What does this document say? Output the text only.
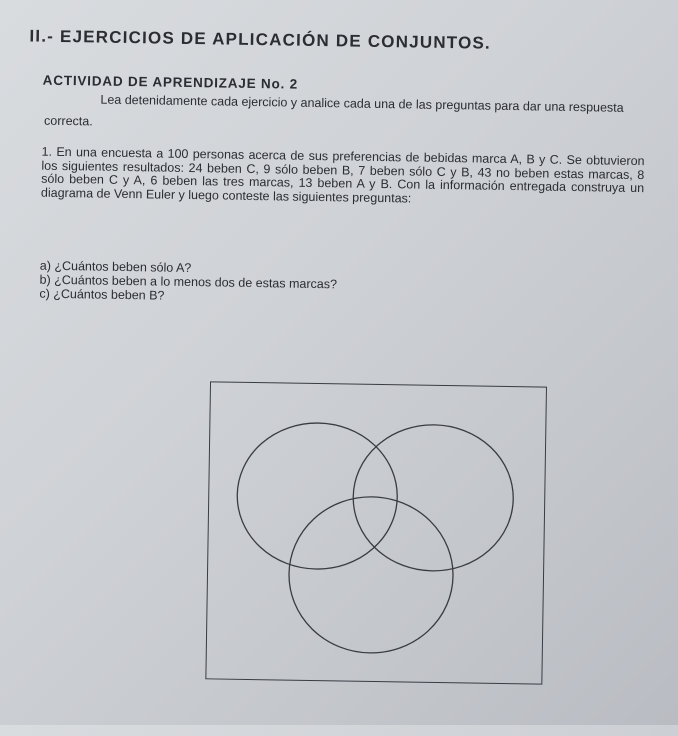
II.- EJERCICIOS DE APLICACIÓN DE CONJUNTOS.
ACTIVIDAD DE APRENDIZAJE No. 2
Lea detenidamente cada ejercicio y analice cada una de las preguntas para dar una respuesta
correcta.
1. En una encuesta a 100 personas acerca de sus preferencias de bebidas marca A, B y C. Se obtuvieron los siguientes resultados: 24 beben C, 9 sólo beben B, 7 beben sólo C y B, 43 no beben estas marcas, 8 sólo beben C y A, 6 beben las tres marcas, 13 beben A y B. Con la información entregada construya un diagrama de Venn Euler y luego conteste las siguientes preguntas:
a) ¿Cuántos beben sólo A?
b) ¿Cuántos beben a lo menos dos de estas marcas?
c) ¿Cuántos beben B?
